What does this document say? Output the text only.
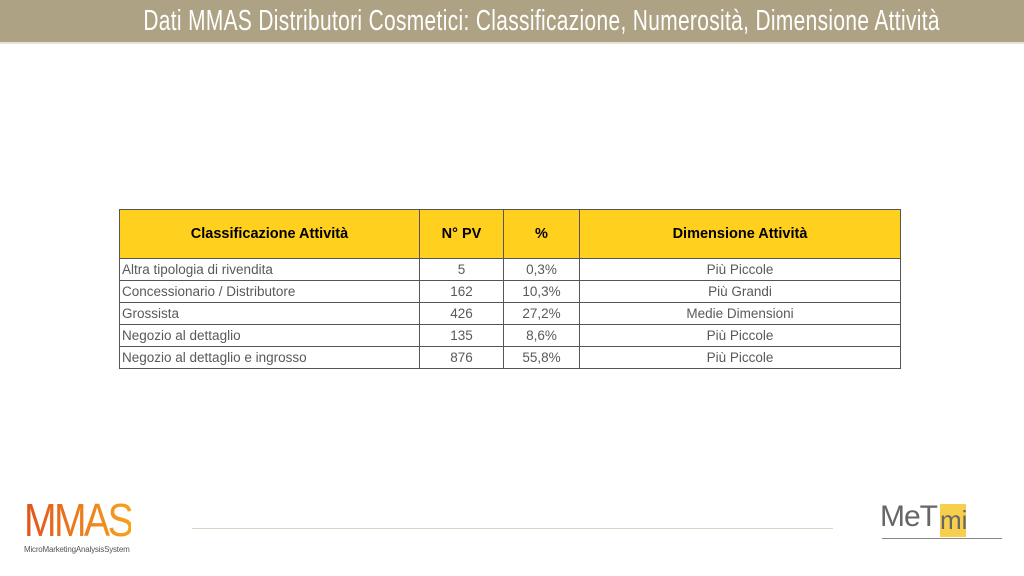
Dati MMAS Distributori Cosmetici: Classificazione, Numerosità, Dimensione Attività
Classificazione Attività	N° PV	%	Dimensione Attività
Altra tipologia di rivendita	5	0,3%	Più Piccole
Concessionario / Distributore	162	10,3%	Più Grandi
Grossista	426	27,2%	Medie Dimensioni
Negozio al dettaglio	135	8,6%	Più Piccole
Negozio al dettaglio e ingrosso	876	55,8%	Più Piccole
MMAS
MicroMarketingAnalysisSystem
MeT mi
